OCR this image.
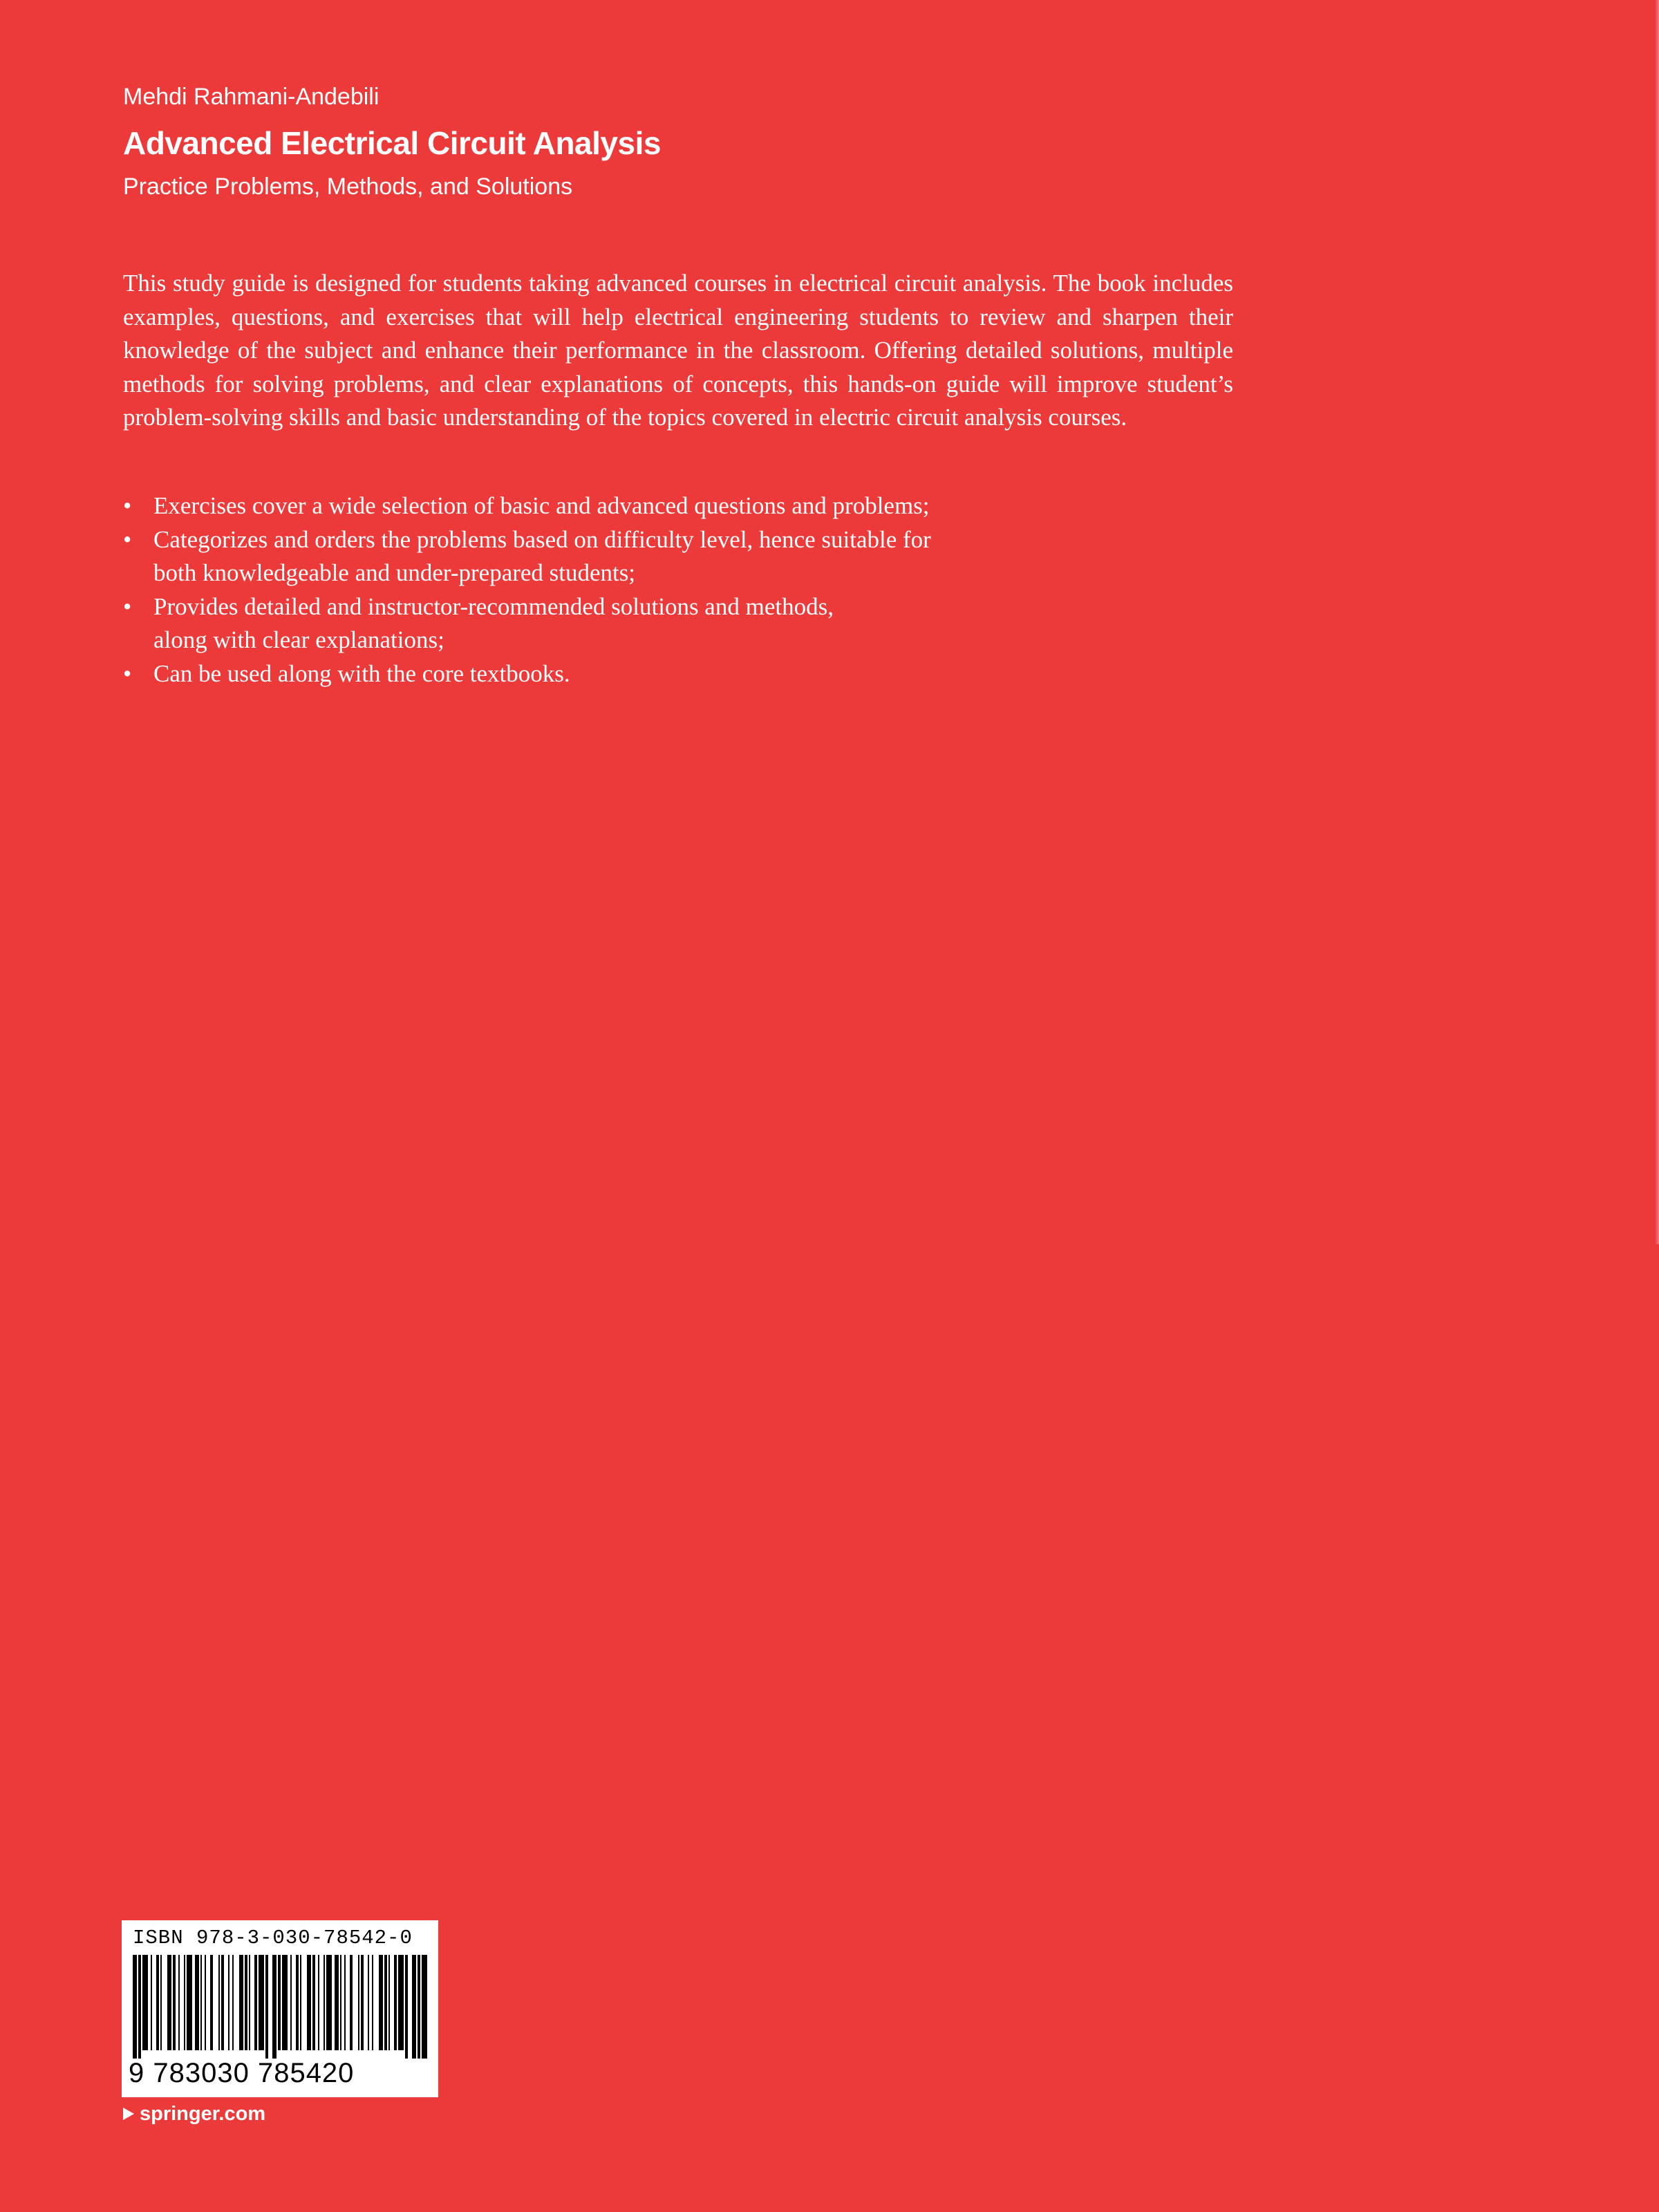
Mehdi Rahmani-Andebili
Advanced Electrical Circuit Analysis
Practice Problems, Methods, and Solutions

This study guide is designed for students taking advanced courses in electrical circuit analysis. The book includes examples, questions, and exercises that will help electrical engineering students to review and sharpen their knowledge of the subject and enhance their performance in the classroom. Offering detailed solutions, multiple methods for solving problems, and clear explanations of concepts, this hands-on guide will improve student’s problem-solving skills and basic understanding of the topics covered in electric circuit analysis courses.

• Exercises cover a wide selection of basic and advanced questions and problems;
• Categorizes and orders the problems based on difficulty level, hence suitable for
both knowledgeable and under-prepared students;
• Provides detailed and instructor-recommended solutions and methods,
along with clear explanations;
• Can be used along with the core textbooks.
ISBN 978-3-030-78542-0
9 783030 785420
springer.com
